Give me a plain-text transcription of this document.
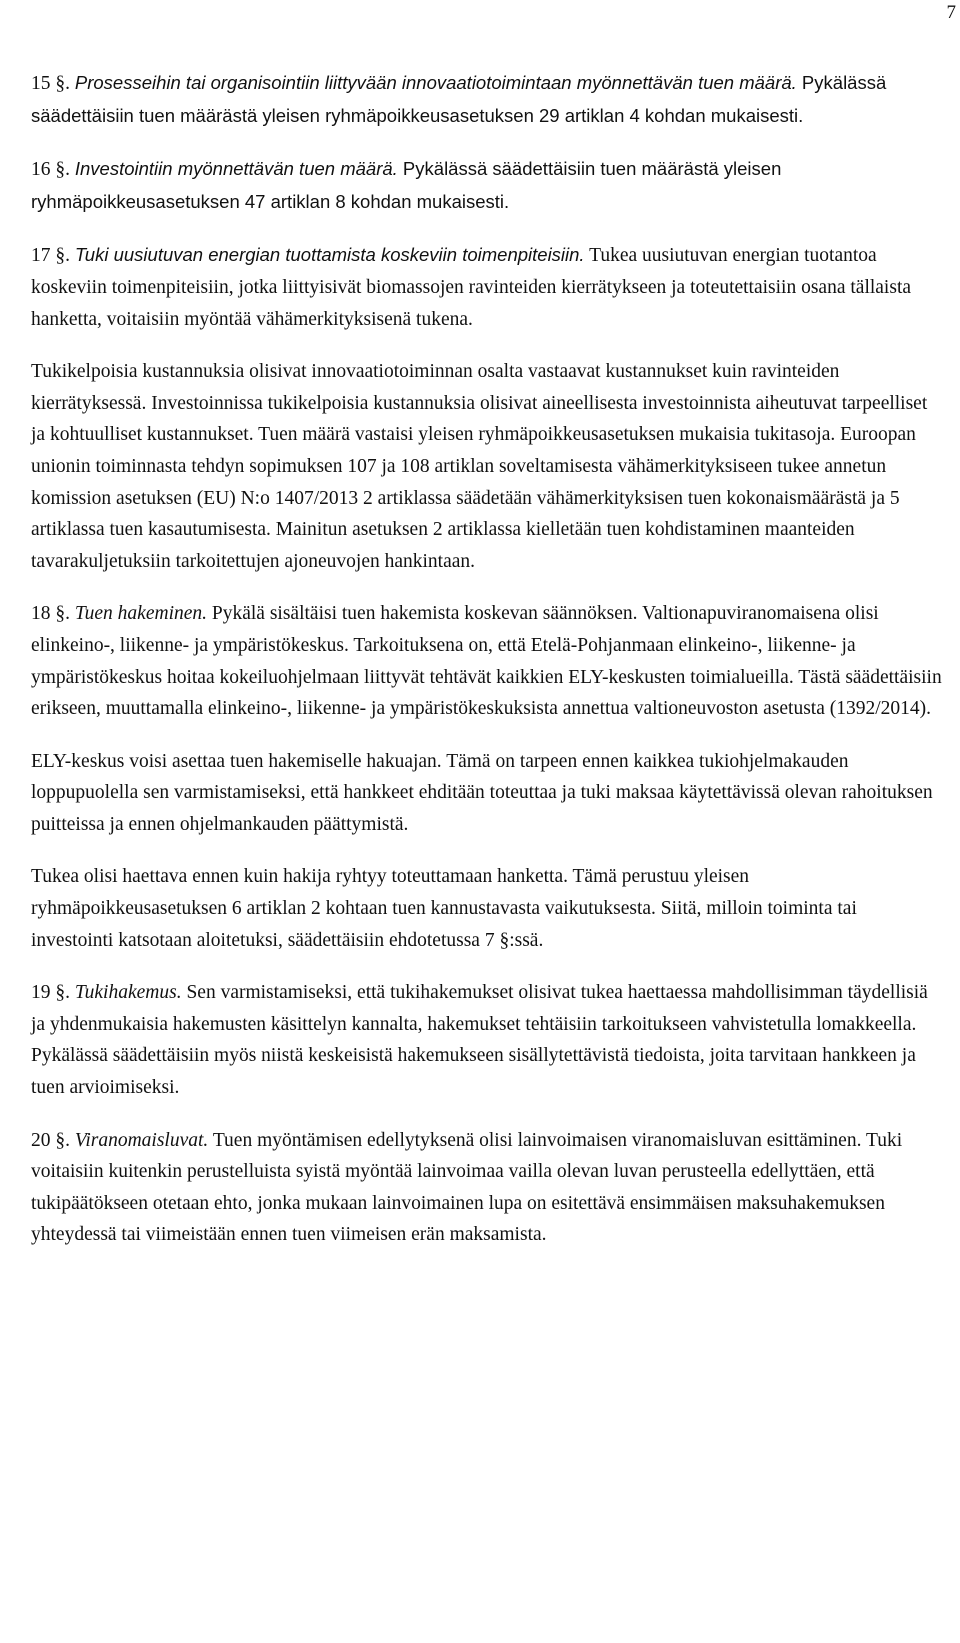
7

15 §. Prosesseihin tai organisointiin liittyvään innovaatiotoimintaan myönnettävän tuen määrä. Pykälässä säädettäisiin tuen määrästä yleisen ryhmäpoikkeusasetuksen 29 artiklan 4 kohdan mukaisesti.

16 §. Investointiin myönnettävän tuen määrä. Pykälässä säädettäisiin tuen määrästä yleisen ryhmäpoikkeusasetuksen 47 artiklan 8 kohdan mukaisesti.

17 §. Tuki uusiutuvan energian tuottamista koskeviin toimenpiteisiin. Tukea uusiutuvan energian tuotantoa koskeviin toimenpiteisiin, jotka liittyisivät biomassojen ravinteiden kierrätykseen ja toteutettaisiin osana tällaista hanketta, voitaisiin myöntää vähämerkityksisenä tukena.

Tukikelpoisia kustannuksia olisivat innovaatiotoiminnan osalta vastaavat kustannukset kuin ravinteiden kierrätyksessä. Investoinnissa tukikelpoisia kustannuksia olisivat aineellisesta investoinnista aiheutuvat tarpeelliset ja kohtuulliset kustannukset. Tuen määrä vastaisi yleisen ryhmäpoikkeusasetuksen mukaisia tukitasoja. Euroopan unionin toiminnasta tehdyn sopimuksen 107 ja 108 artiklan soveltamisesta vähämerkityksiseen tukee annetun komission asetuksen (EU) N:o 1407/2013 2 artiklassa säädetään vähämerkityksisen tuen kokonaismäärästä ja 5 artiklassa tuen kasautumisesta. Mainitun asetuksen 2 artiklassa kielletään tuen kohdistaminen maanteiden tavarakuljetuksiin tarkoitettujen ajoneuvojen hankintaan.

18 §. Tuen hakeminen. Pykälä sisältäisi tuen hakemista koskevan säännöksen. Valtionapuviranomaisena olisi elinkeino-, liikenne- ja ympäristökeskus. Tarkoituksena on, että Etelä-Pohjanmaan elinkeino-, liikenne- ja ympäristökeskus hoitaa kokeiluohjelmaan liittyvät tehtävät kaikkien ELY-keskusten toimialueilla. Tästä säädettäisiin erikseen, muuttamalla elinkeino-, liikenne- ja ympäristökeskuksista annettua valtioneuvoston asetusta (1392/2014).

ELY-keskus voisi asettaa tuen hakemiselle hakuajan. Tämä on tarpeen ennen kaikkea tukiohjelmakauden loppupuolella sen varmistamiseksi, että hankkeet ehditään toteuttaa ja tuki maksaa käytettävissä olevan rahoituksen puitteissa ja ennen ohjelmankauden päättymistä.

Tukea olisi haettava ennen kuin hakija ryhtyy toteuttamaan hanketta. Tämä perustuu yleisen ryhmäpoikkeusasetuksen 6 artiklan 2 kohtaan tuen kannustavasta vaikutuksesta. Siitä, milloin toiminta tai investointi katsotaan aloitetuksi, säädettäisiin ehdotetussa 7 §:ssä.

19 §. Tukihakemus. Sen varmistamiseksi, että tukihakemukset olisivat tukea haettaessa mahdollisimman täydellisiä ja yhdenmukaisia hakemusten käsittelyn kannalta, hakemukset tehtäisiin tarkoitukseen vahvistetulla lomakkeella. Pykälässä säädettäisiin myös niistä keskeisistä hakemukseen sisällytettävistä tiedoista, joita tarvitaan hankkeen ja tuen arvioimiseksi.

20 §. Viranomaisluvat. Tuen myöntämisen edellytyksenä olisi lainvoimaisen viranomaisluvan esittäminen. Tuki voitaisiin kuitenkin perustelluista syistä myöntää lainvoimaa vailla olevan luvan perusteella edellyttäen, että tukipäätökseen otetaan ehto, jonka mukaan lainvoimainen lupa on esitettävä ensimmäisen maksuhakemuksen yhteydessä tai viimeistään ennen tuen viimeisen erän maksamista.
